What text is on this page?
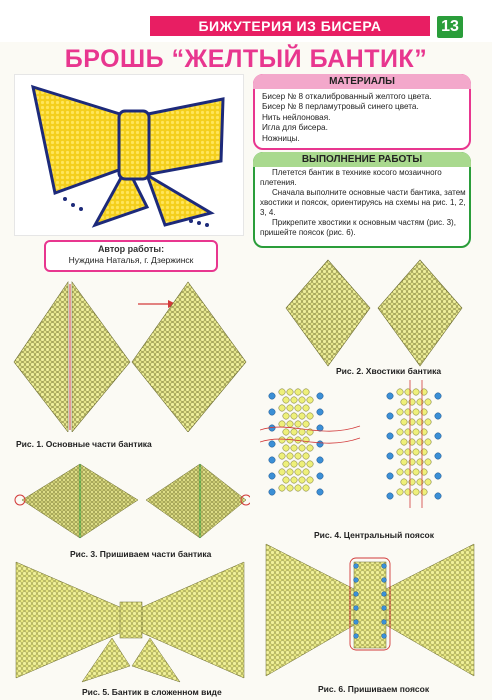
БИЖУТЕРИЯ ИЗ БИСЕРА	13
БРОШЬ “ЖЕЛТЫЙ БАНТИК”
МАТЕРИАЛЫ
Бисер № 8 откалиброванный желтого цвета.
Бисер № 8 перламутровый синего цвета.
Нить нейлоновая.
Игла для бисера.
Ножницы.
ВЫПОЛНЕНИЕ РАБОТЫ

Плетется бантик в технике косого мозаичного плетения.

Сначала выполните основные части бантика, затем хвостики и поясок, ориентируясь на схемы на рис. 1, 2, 3, 4.

Прикрепите хвостики к основным частям (рис. 3), пришейте поясок (рис. 6).

Автор работы:
Нуждина Наталья, г. Дзержинск
Рис. 1. Основные части бантика
Рис. 2. Хвостики бантика
Рис. 3. Пришиваем части бантика
Рис. 4. Центральный поясок
Рис. 5. Бантик в сложенном виде	Рис. 6. Пришиваем поясок
